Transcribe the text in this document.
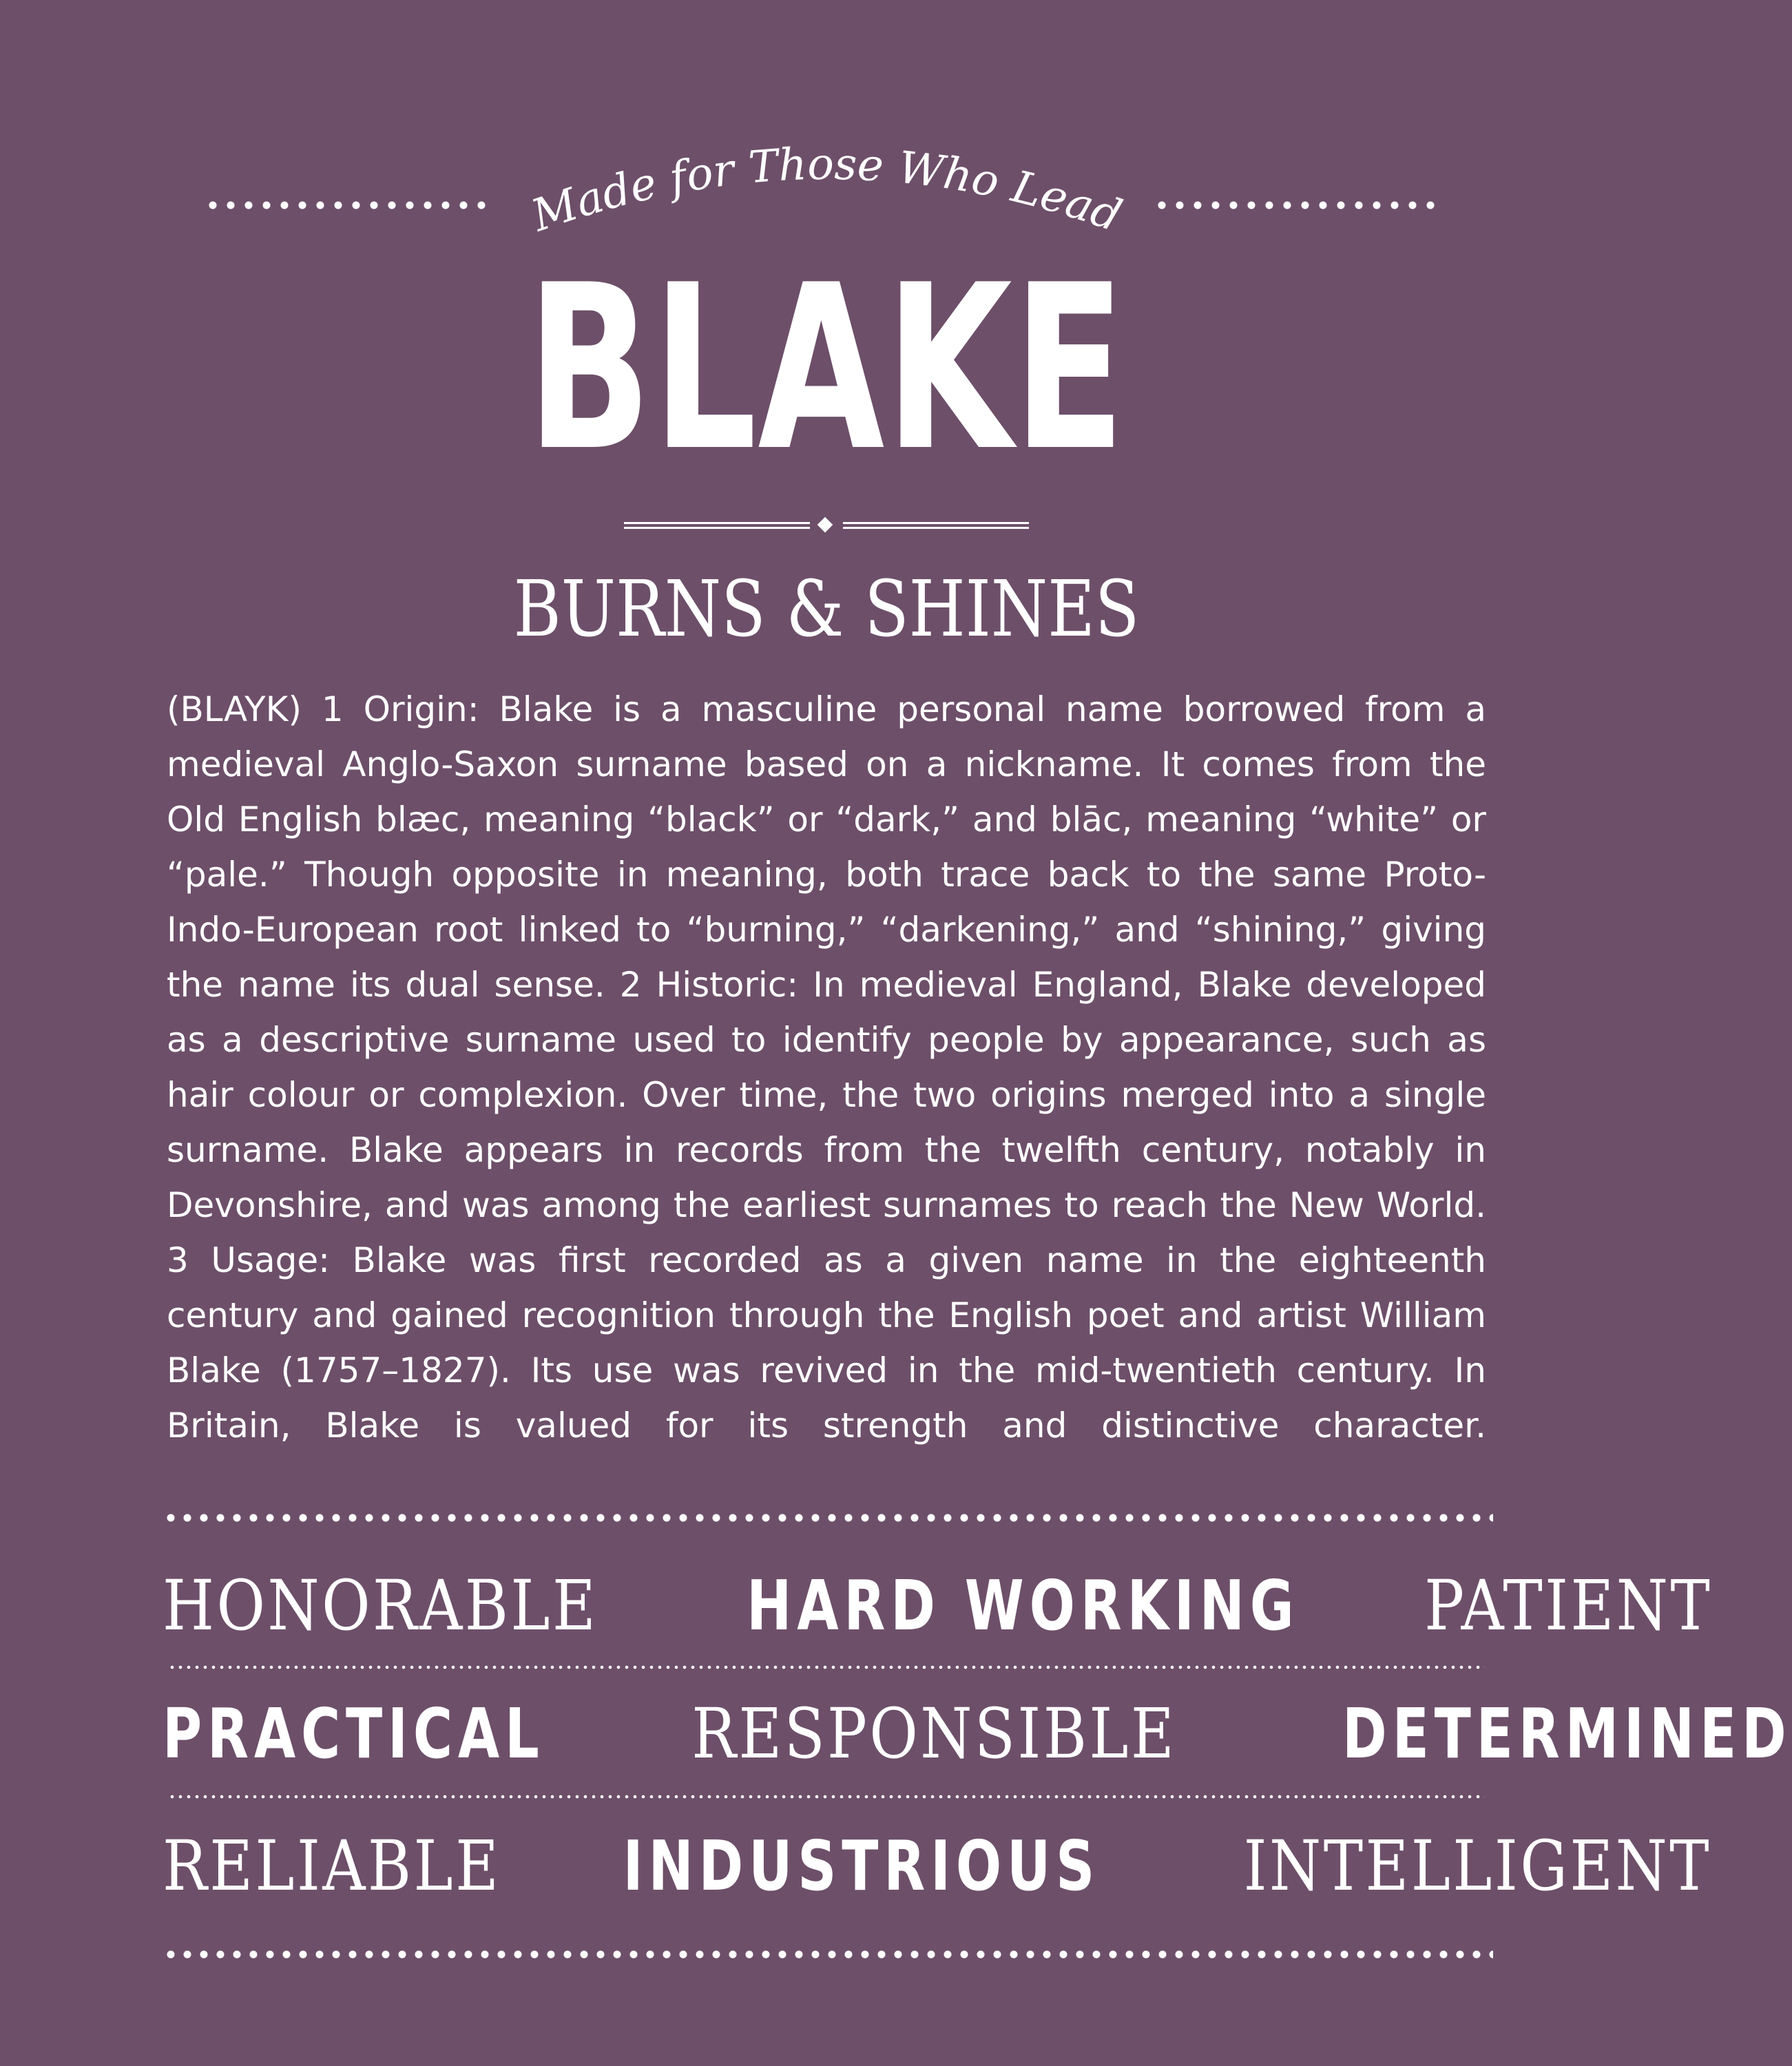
Made for Those Who Lead
BLAKE
BURNS & SHINES
(BLAYK) 1 Origin: Blake is a masculine personal name borrowed from a medieval Anglo-Saxon surname based on a nickname. It comes from the Old English blæc, meaning “black” or “dark,” and blāc, meaning “white” or “pale.” Though opposite in meaning, both trace back to the same Proto-Indo-European root linked to “burning,” “darkening,” and “shining,” giving the name its dual sense. 2 Historic: In medieval England, Blake developed as a descriptive surname used to identify people by appearance, such as hair colour or complexion. Over time, the two origins merged into a single surname. Blake appears in records from the twelfth century, notably in Devonshire, and was among the earliest surnames to reach the New World. 3 Usage: Blake was first recorded as a given name in the eighteenth century and gained recognition through the English poet and artist William Blake (1757–1827). Its use was revived in the mid-twentieth century. In Britain, Blake is valued for its strength and distinctive character.
HONORABLE HARD WORKING PATIENT
PRACTICAL RESPONSIBLE DETERMINED
RELIABLE INDUSTRIOUS INTELLIGENT
